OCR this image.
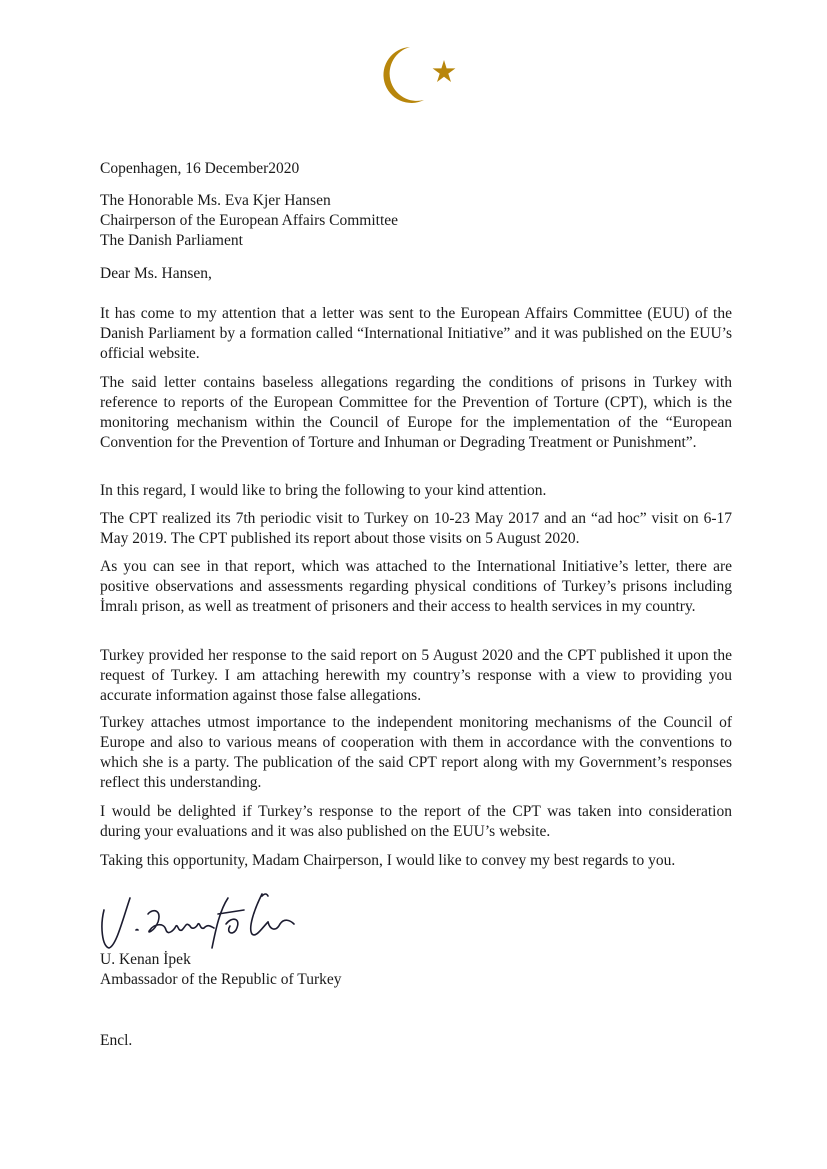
Copenhagen, 16 December2020
The Honorable Ms. Eva Kjer Hansen
Chairperson of the European Affairs Committee
The Danish Parliament
Dear Ms. Hansen,
It has come to my attention that a letter was sent to the European Affairs Committee (EUU) of the Danish Parliament by a formation called “International Initiative” and it was published on the EUU’s official website.
The said letter contains baseless allegations regarding the conditions of prisons in Turkey with reference to reports of the European Committee for the Prevention of Torture (CPT), which is the monitoring mechanism within the Council of Europe for the implementation of the “European Convention for the Prevention of Torture and Inhuman or Degrading Treatment or Punishment”.
In this regard, I would like to bring the following to your kind attention.
The CPT realized its 7th periodic visit to Turkey on 10-23 May 2017 and an “ad hoc” visit on 6-17 May 2019. The CPT published its report about those visits on 5 August 2020.
As you can see in that report, which was attached to the International Initiative’s letter, there are positive observations and assessments regarding physical conditions of Turkey’s prisons including İmralı prison, as well as treatment of prisoners and their access to health services in my country.
Turkey provided her response to the said report on 5 August 2020 and the CPT published it upon the request of Turkey. I am attaching herewith my country’s response with a view to providing you accurate information against those false allegations.
Turkey attaches utmost importance to the independent monitoring mechanisms of the Council of Europe and also to various means of cooperation with them in accordance with the conventions to which she is a party. The publication of the said CPT report along with my Government’s responses reflect this understanding.
I would be delighted if Turkey’s response to the report of the CPT was taken into consideration during your evaluations and it was also published on the EUU’s website.
Taking this opportunity, Madam Chairperson, I would like to convey my best regards to you.
U. Kenan İpek
Ambassador of the Republic of Turkey
Encl.
